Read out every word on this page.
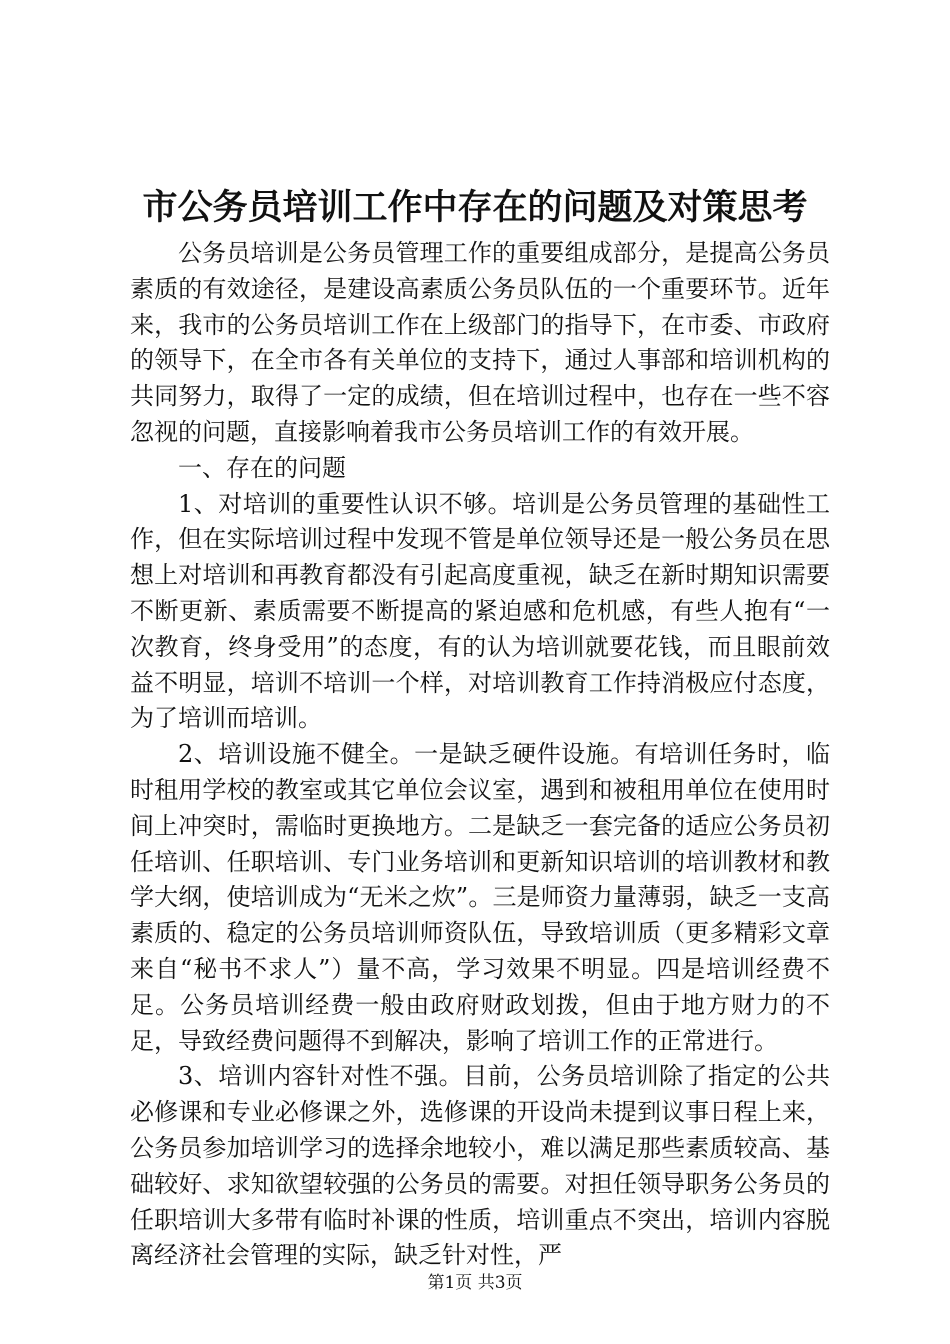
市公务员培训工作中存在的问题及对策思考

公务员培训是公务员管理工作的重要组成部分，是提高公务员素质的有效途径，是建设高素质公务员队伍的一个重要环节。近年来，我市的公务员培训工作在上级部门的指导下，在市委、市政府的领导下，在全市各有关单位的支持下，通过人事部和培训机构的共同努力，取得了一定的成绩，但在培训过程中，也存在一些不容忽视的问题，直接影响着我市公务员培训工作的有效开展。

一、存在的问题

1、对培训的重要性认识不够。培训是公务员管理的基础性工作，但在实际培训过程中发现不管是单位领导还是一般公务员在思想上对培训和再教育都没有引起高度重视，缺乏在新时期知识需要不断更新、素质需要不断提高的紧迫感和危机感，有些人抱有“一次教育，终身受用”的态度，有的认为培训就要花钱，而且眼前效益不明显，培训不培训一个样，对培训教育工作持消极应付态度，为了培训而培训。

2、培训设施不健全。一是缺乏硬件设施。有培训任务时，临时租用学校的教室或其它单位会议室，遇到和被租用单位在使用时间上冲突时，需临时更换地方。二是缺乏一套完备的适应公务员初任培训、任职培训、专门业务培训和更新知识培训的培训教材和教学大纲，使培训成为“无米之炊”。三是师资力量薄弱，缺乏一支高素质的、稳定的公务员培训师资队伍，导致培训质（更多精彩文章来自“秘书不求人”）量不高，学习效果不明显。四是培训经费不足。公务员培训经费一般由政府财政划拨，但由于地方财力的不足，导致经费问题得不到解决，影响了培训工作的正常进行。

3、培训内容针对性不强。目前，公务员培训除了指定的公共必修课和专业必修课之外，选修课的开设尚未提到议事日程上来，公务员参加培训学习的选择余地较小，难以满足那些素质较高、基础较好、求知欲望较强的公务员的需要。对担任领导职务公务员的任职培训大多带有临时补课的性质，培训重点不突出，培训内容脱离经济社会管理的实际，缺乏针对性，严

第1页 共3页
